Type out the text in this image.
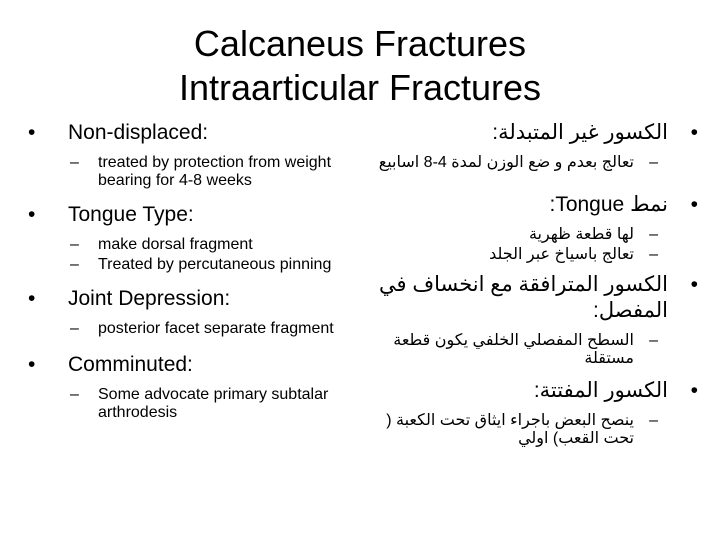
Calcaneus Fractures
Intraarticular Fractures
•	Non-displaced:
– treated by protection from weight bearing for 4-8 weeks
•	Tongue Type:
– make dorsal fragment
– Treated by percutaneous pinning
•	Joint Depression:
– posterior facet separate fragment
•	Comminuted:
– Some advocate primary subtalar arthrodesis
•
الكسور غير المتبدلة:
–
تعالج بعدم و ضع الوزن لمدة 4-8 اسابيع
•
نمط Tongue:
–
لها قطعة ظهرية
–
تعالج باسياخ عبر الجلد
•
الكسور المترافقة مع انخساف في المفصل:
–
السطح المفصلي الخلفي يكون قطعة مستقلة
•
الكسور المفتتة:
–
ينصح البعض باجراء ايثاق تحت الكعبة ( تحت القعب) اولي
